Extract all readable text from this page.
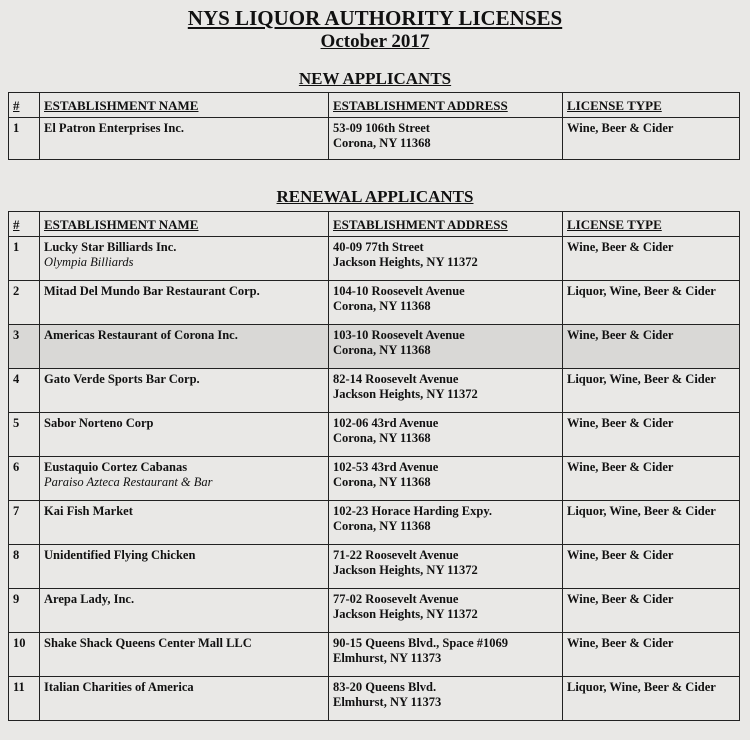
NYS LIQUOR AUTHORITY LICENSES
October 2017
NEW APPLICANTS
#	ESTABLISHMENT NAME	ESTABLISHMENT ADDRESS	LICENSE TYPE
1	El Patron Enterprises Inc.	53-09 106th Street
Corona, NY 11368	Wine, Beer & Cider
RENEWAL APPLICANTS
#	ESTABLISHMENT NAME	ESTABLISHMENT ADDRESS	LICENSE TYPE
1	Lucky Star Billiards Inc.
Olympia Billiards	40-09 77th Street
Jackson Heights, NY 11372	Wine, Beer & Cider
2	Mitad Del Mundo Bar Restaurant Corp.	104-10 Roosevelt Avenue
Corona, NY 11368	Liquor, Wine, Beer & Cider
3	Americas Restaurant of Corona Inc.	103-10 Roosevelt Avenue
Corona, NY 11368	Wine, Beer & Cider
4	Gato Verde Sports Bar Corp.	82-14 Roosevelt Avenue
Jackson Heights, NY 11372	Liquor, Wine, Beer & Cider
5	Sabor Norteno Corp	102-06 43rd Avenue
Corona, NY 11368	Wine, Beer & Cider
6	Eustaquio Cortez Cabanas
Paraiso Azteca Restaurant & Bar	102-53 43rd Avenue
Corona, NY 11368	Wine, Beer & Cider
7	Kai Fish Market	102-23 Horace Harding Expy.
Corona, NY 11368	Liquor, Wine, Beer & Cider
8	Unidentified Flying Chicken	71-22 Roosevelt Avenue
Jackson Heights, NY 11372	Wine, Beer & Cider
9	Arepa Lady, Inc.	77-02 Roosevelt Avenue
Jackson Heights, NY 11372	Wine, Beer & Cider
10	Shake Shack Queens Center Mall LLC	90-15 Queens Blvd., Space #1069
Elmhurst, NY 11373	Wine, Beer & Cider
11	Italian Charities of America	83-20 Queens Blvd.
Elmhurst, NY 11373	Liquor, Wine, Beer & Cider
